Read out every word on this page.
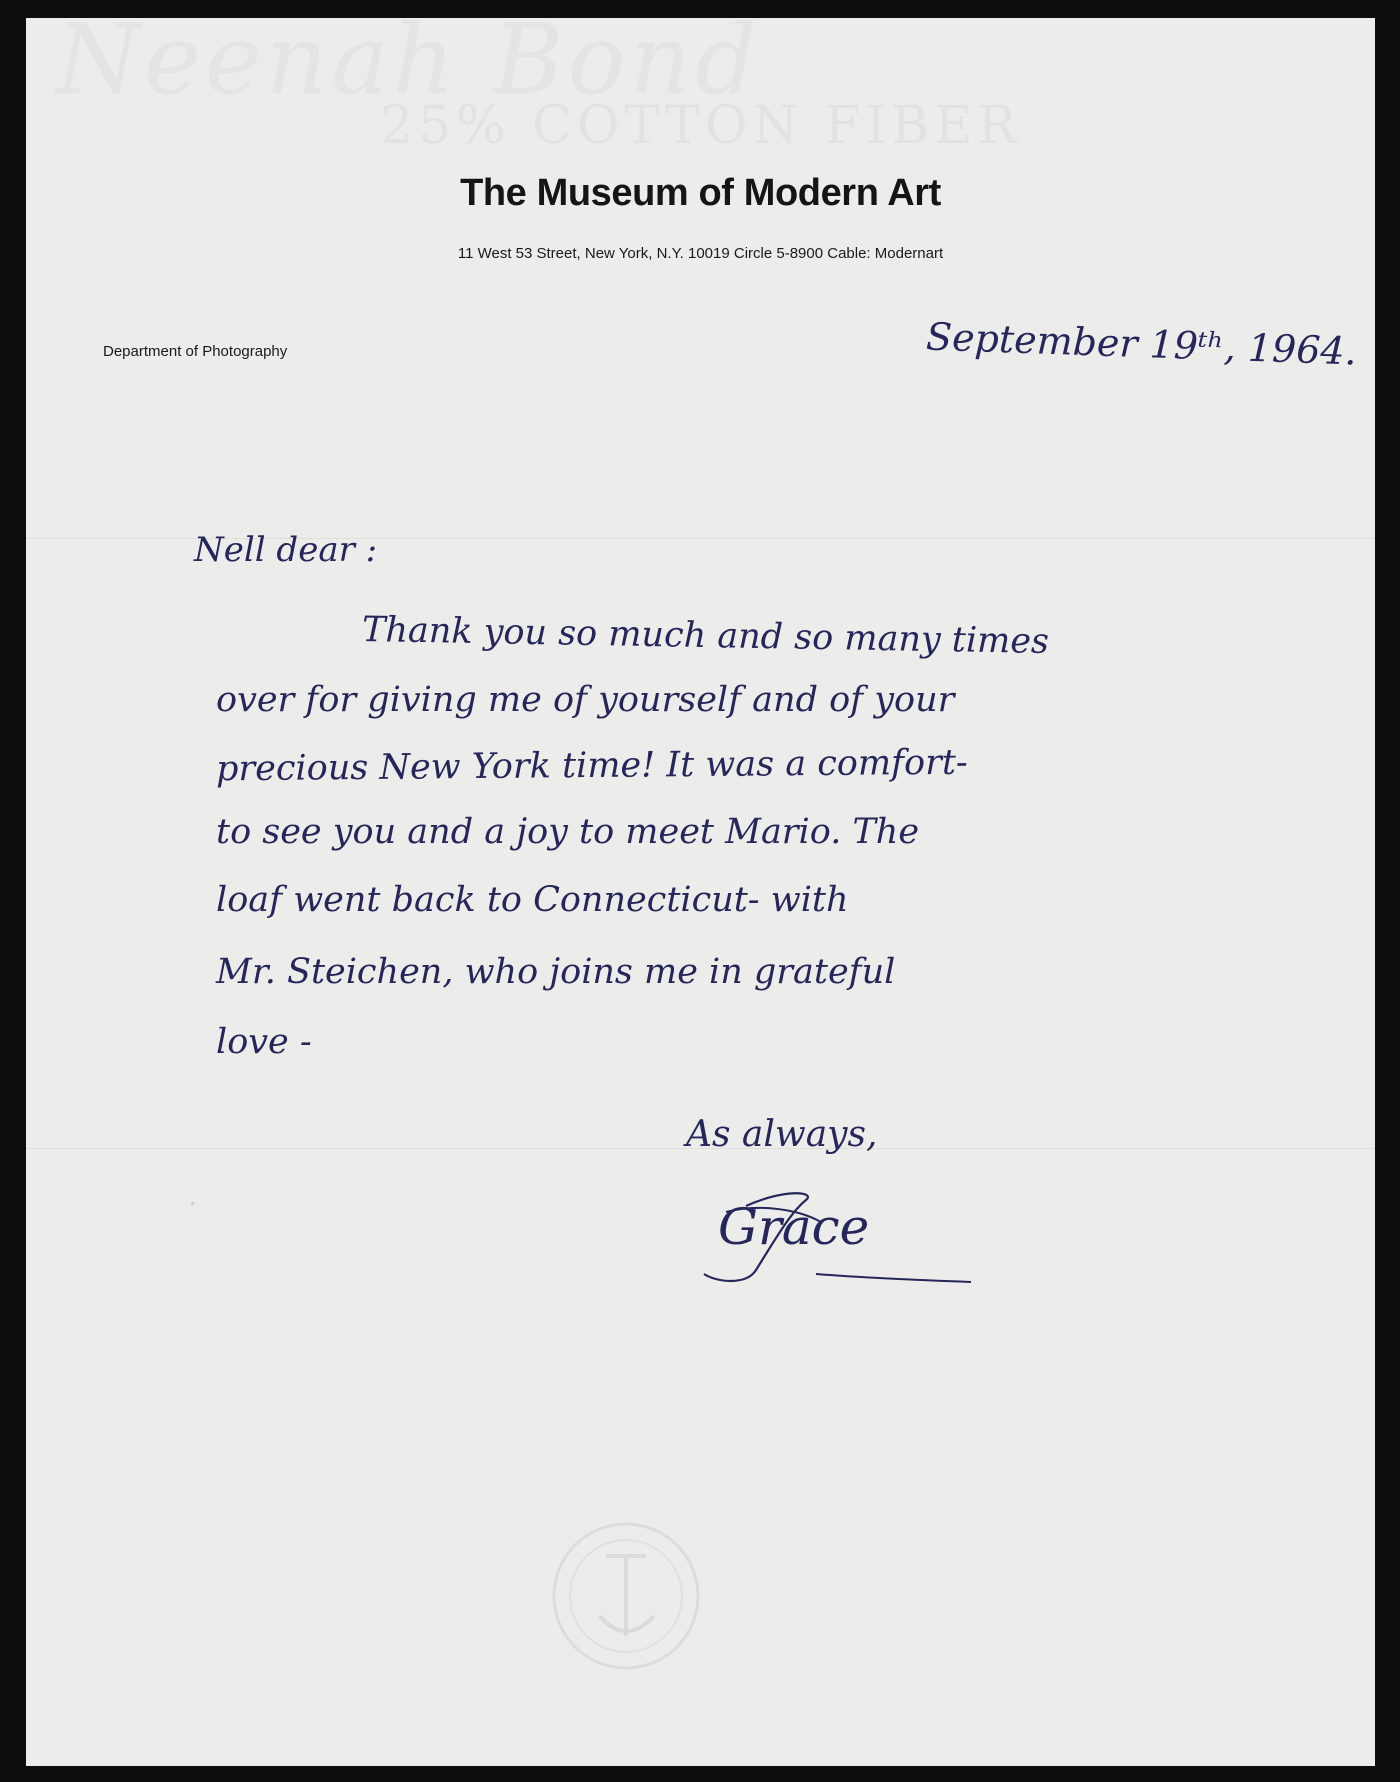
Neenah Bond
25% COTTON FIBER
The Museum of Modern Art
11 West 53 Street, New York, N.Y. 10019 Circle 5-8900 Cable: Modernart
Department of Photography	September 19ᵗʰ, 1964.
Nell dear :
Thank you so much and so many times
over for giving me of yourself and of your
precious New York time! It was a comfort-
to see you and a joy to meet Mario. The
loaf went back to Connecticut- with
Mr. Steichen, who joins me in grateful
love -
As always,
Grace
